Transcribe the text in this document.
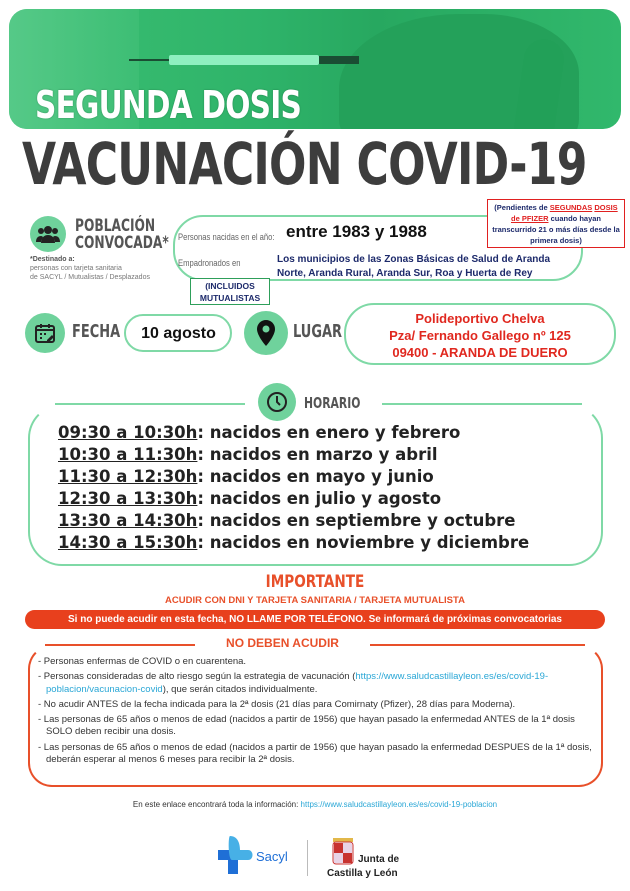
SEGUNDA DOSIS
VACUNACIÓN COVID-19
POBLACIÓN
CONVOCADA*
*Destinado a:
personas con tarjeta sanitaria
de SACYL / Mutualistas / Desplazados
Personas nacidas en el año: entre 1983 y 1988
Empadronados en	Los municipios de las Zonas Básicas de Salud de Aranda
Norte, Aranda Rural, Aranda Sur, Roa y Huerta de Rey
(Pendientes de SEGUNDAS DOSIS de PFIZER cuando hayan transcurrido 21 o más días desde la primera dosis)
(INCLUIDOS
MUTUALISTAS
FECHA	10 agosto	LUGAR
Polideportivo Chelva
Pza/ Fernando Gallego nº 125
09400 - ARANDA DE DUERO
HORARIO
09:30 a 10:30h: nacidos en enero y febrero
10:30 a 11:30h: nacidos en marzo y abril
11:30 a 12:30h: nacidos en mayo y junio
12:30 a 13:30h: nacidos en julio y agosto
13:30 a 14:30h: nacidos en septiembre y octubre
14:30 a 15:30h: nacidos en noviembre y diciembre
IMPORTANTE
ACUDIR CON DNI Y TARJETA SANITARIA / TARJETA MUTUALISTA
Si no puede acudir en esta fecha, NO LLAME POR TELÉFONO. Se informará de próximas convocatorias
NO DEBEN ACUDIR
- Personas enfermas de COVID o en cuarentena.
- Personas consideradas de alto riesgo según la estrategia de vacunación (https://www.saludcastillayleon.es/es/covid-19-poblacion/vacunacion-covid), que serán citados individualmente.
- No acudir ANTES de la fecha indicada para la 2ª dosis (21 días para Comirnaty (Pfizer), 28 días para Moderna).
- Las personas de 65 años o menos de edad (nacidos a partir de 1956) que hayan pasado la enfermedad ANTES de la 1ª dosis SOLO deben recibir una dosis.
- Las personas de 65 años o menos de edad (nacidos a partir de 1956) que hayan pasado la enfermedad DESPUES de la 1ª dosis, deberán esperar al menos 6 meses para recibir la 2ª dosis.
En este enlace encontrará toda la información: https://www.saludcastillayleon.es/es/covid-19-poblacion
Sacyl	Junta de
Castilla y León
